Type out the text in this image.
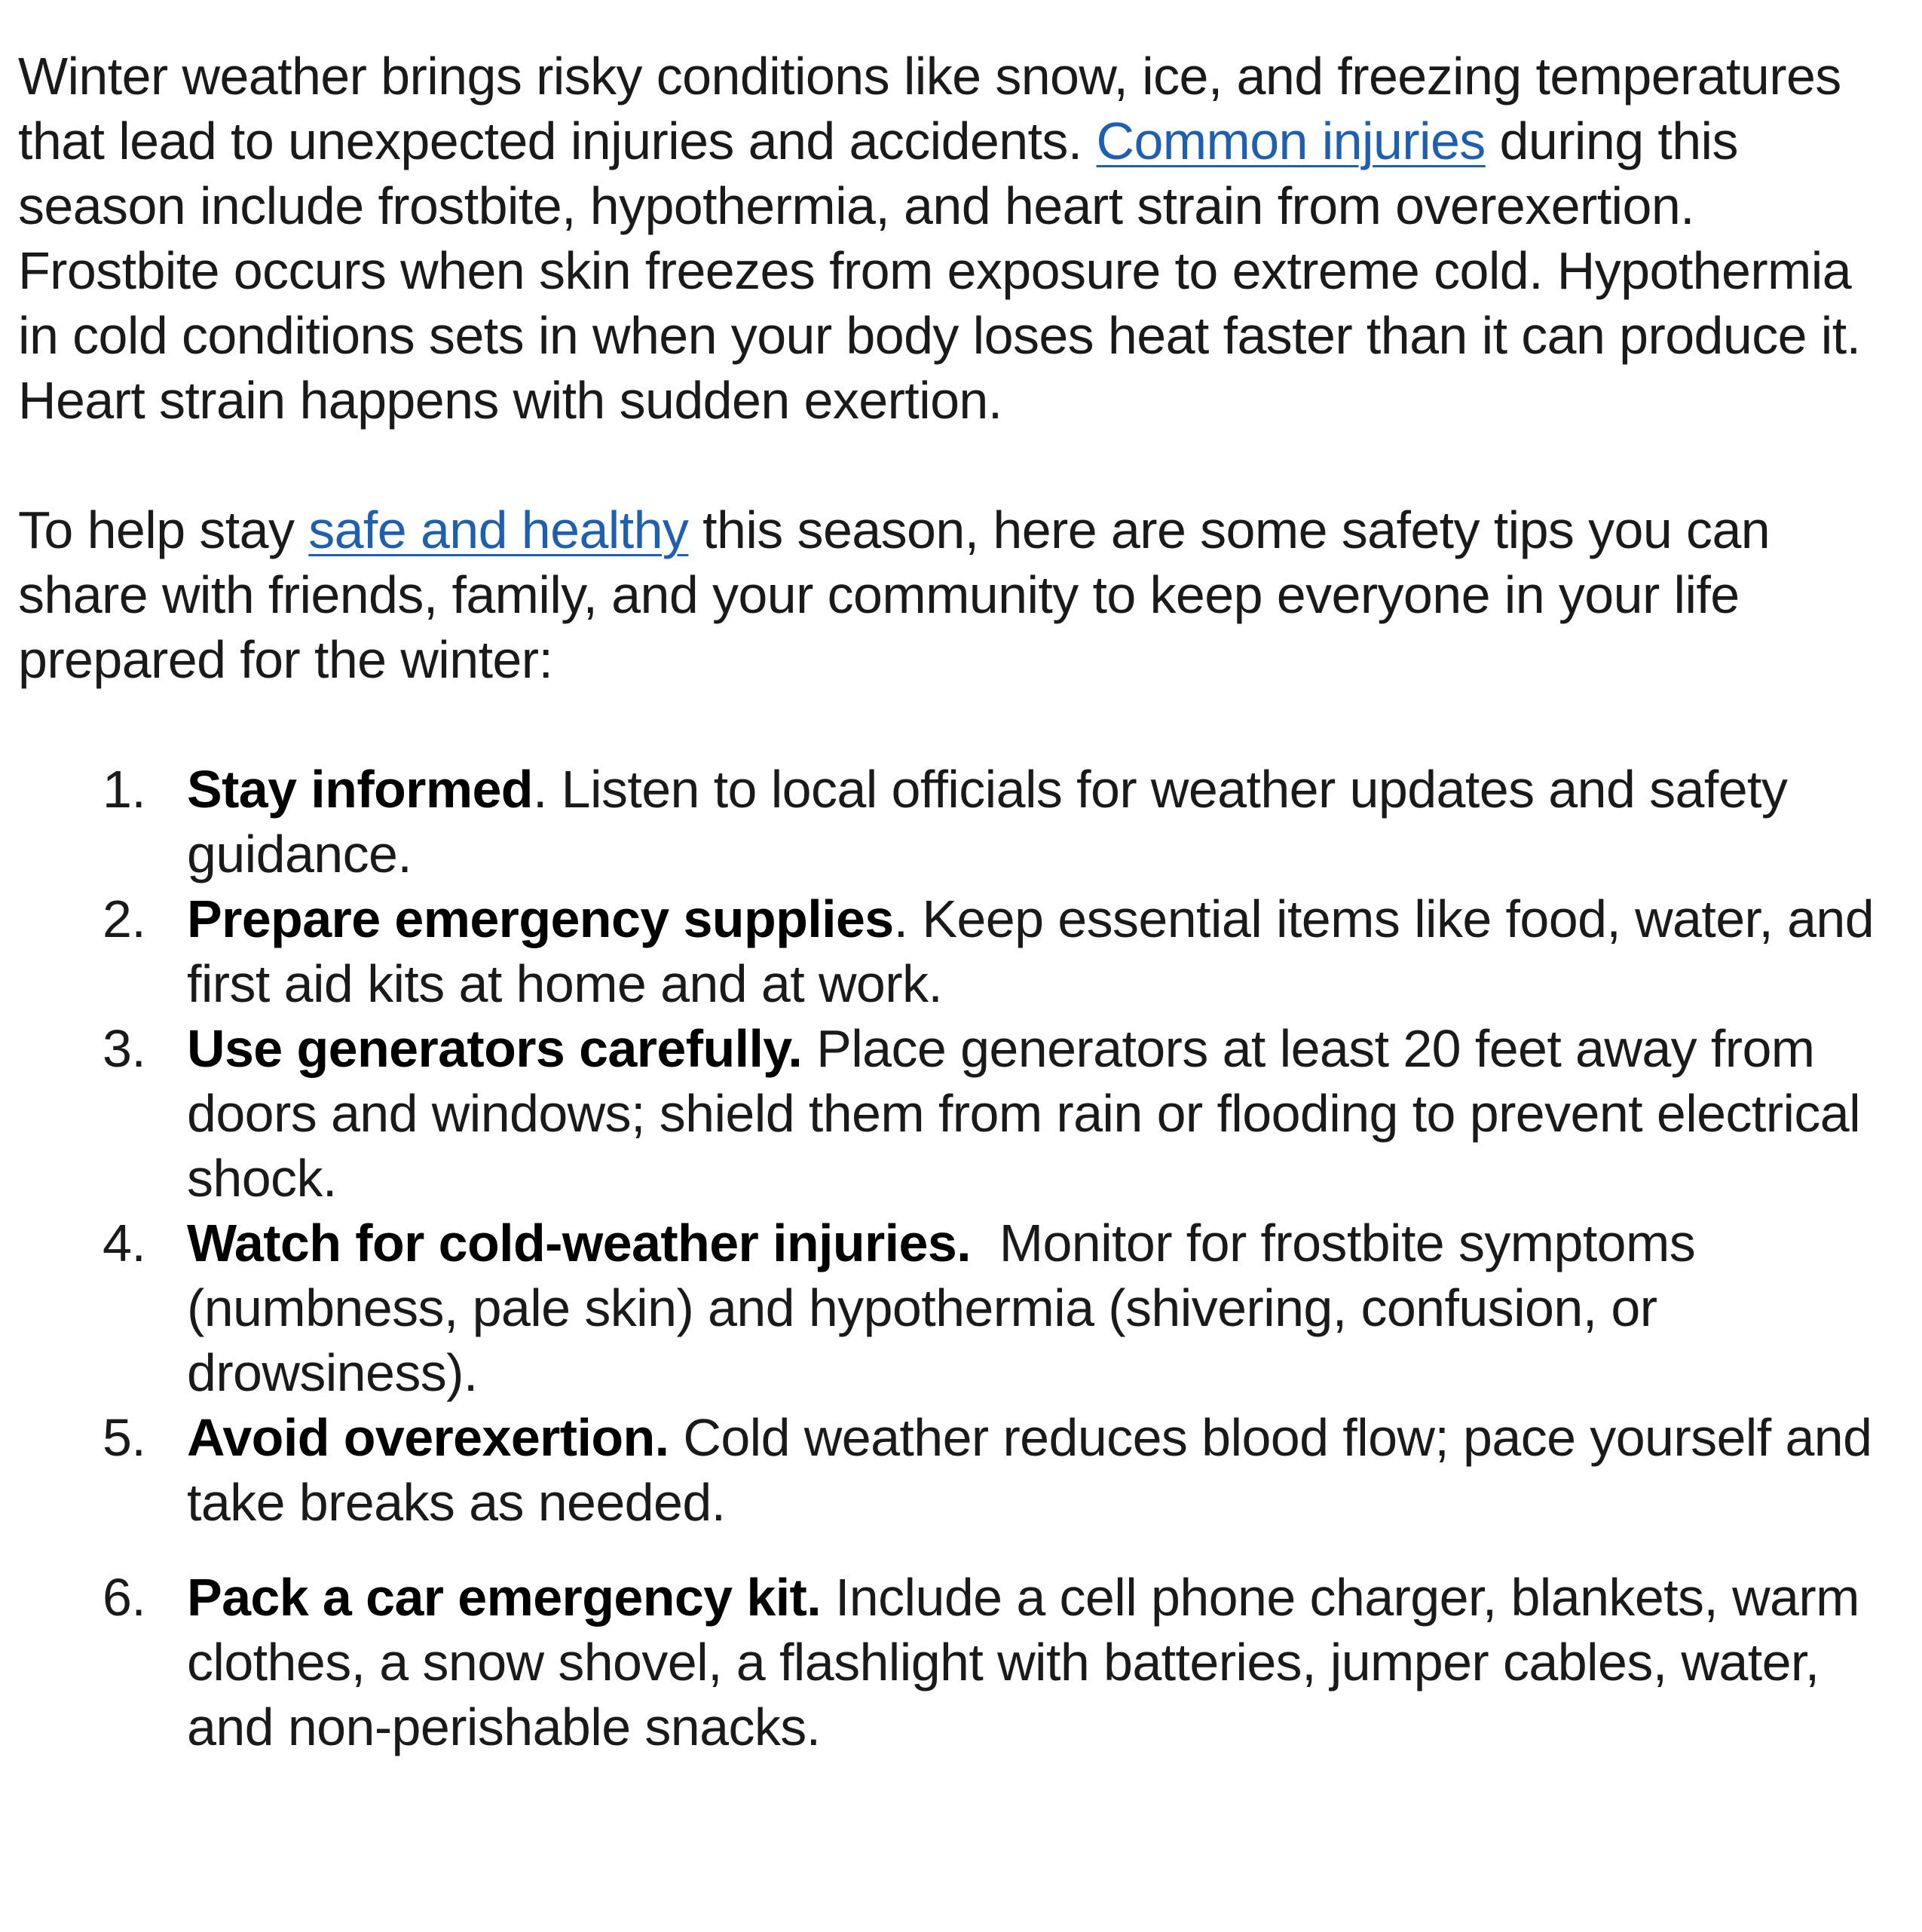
Winter weather brings risky conditions like snow, ice, and freezing temperatures that lead to unexpected injuries and accidents. Common injuries during this season include frostbite, hypothermia, and heart strain from overexertion. Frostbite occurs when skin freezes from exposure to extreme cold. Hypothermia in cold conditions sets in when your body loses heat faster than it can produce it. Heart strain happens with sudden exertion.

To help stay safe and healthy this season, here are some safety tips you can share with friends, family, and your community to keep everyone in your life prepared for the winter:

1. Stay informed. Listen to local officials for weather updates and safety guidance.
2. Prepare emergency supplies. Keep essential items like food, water, and first aid kits at home and at work.
3. Use generators carefully. Place generators at least 20 feet away from doors and windows; shield them from rain or flooding to prevent electrical shock.
4. Watch for cold-weather injuries.  Monitor for frostbite symptoms (numbness, pale skin) and hypothermia (shivering, confusion, or drowsiness).
5. Avoid overexertion. Cold weather reduces blood flow; pace yourself and take breaks as needed.
6. Pack a car emergency kit. Include a cell phone charger, blankets, warm clothes, a snow shovel, a flashlight with batteries, jumper cables, water, and non-perishable snacks.
